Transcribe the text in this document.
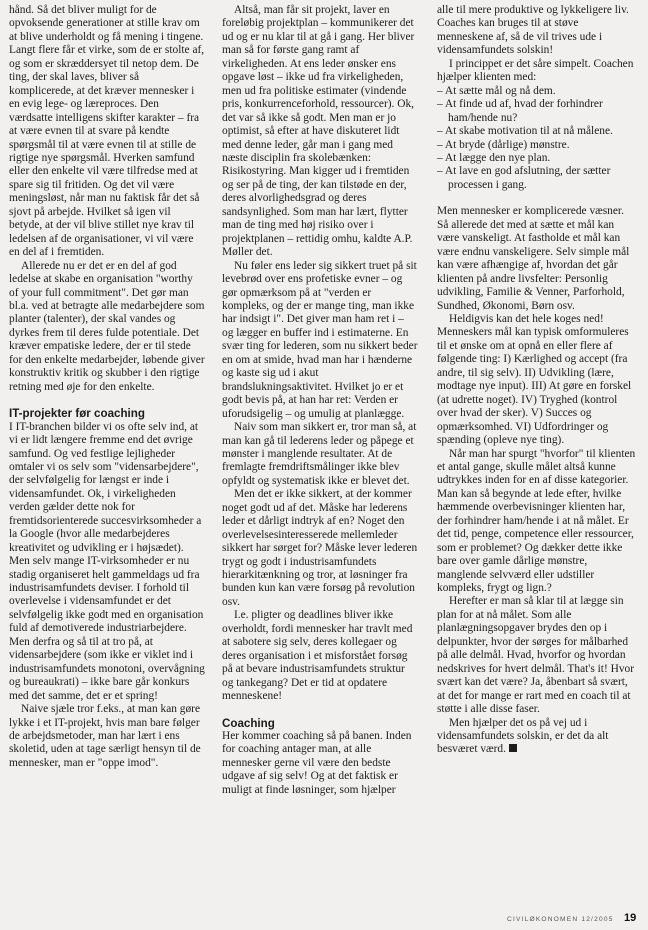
hånd. Så det bliver muligt for de opvoksende generationer at stille krav om at blive underholdt og få mening i tingene. Langt flere får et virke, som de er stolte af, og som er skræddersyet til netop dem. De ting, der skal laves, bliver så komplicerede, at det kræver mennesker i en evig lege- og læreproces. Den værdsatte intelligens skifter karakter – fra at være evnen til at svare på kendte spørgsmål til at være evnen til at stille de rigtige nye spørgsmål. Hverken samfund eller den enkelte vil være tilfredse med at spare sig til fritiden. Og det vil være meningsløst, når man nu faktisk får det så sjovt på arbejde. Hvilket så igen vil betyde, at der vil blive stillet nye krav til ledelsen af de organisationer, vi vil være en del af i fremtiden.

Allerede nu er det er en del af god ledelse at skabe en organisation "worthy of your full commitment". Det gør man bl.a. ved at betragte alle medarbejdere som planter (talenter), der skal vandes og dyrkes frem til deres fulde potentiale. Det kræver empatiske ledere, der er til stede for den enkelte medarbejder, løbende giver konstruktiv kritik og skubber i den rigtige retning med øje for den enkelte.

IT-projekter før coaching

I IT-branchen bilder vi os ofte selv ind, at vi er lidt længere fremme end det øvrige samfund. Og ved festlige lejligheder omtaler vi os selv som "vidensarbejdere", der selvfølgelig for længst er inde i vidensamfundet. Ok, i virkeligheden verden gælder dette nok for fremtidsorienterede succesvirksomheder a la Google (hvor alle medarbejderes kreativitet og udvikling er i højsædet). Men selv mange IT-virksomheder er nu stadig organiseret helt gammeldags ud fra industrisamfundets deviser. I forhold til overlevelse i vidensamfundet er det selvfølgelig ikke godt med en organisation fuld af demotiverede industriarbejdere. Men derfra og så til at tro på, at vidensarbejdere (som ikke er viklet ind i industrisamfundets monotoni, overvågning og bureaukrati) – ikke bare går konkurs med det samme, det er et spring!

Naive sjæle tror f.eks., at man kan gøre lykke i et IT-projekt, hvis man bare følger de arbejdsmetoder, man har lært i ens skoletid, uden at tage særligt hensyn til de mennesker, man er "oppe imod".

Altså, man får sit projekt, laver en foreløbig projektplan – kommunikerer det ud og er nu klar til at gå i gang. Her bliver man så for første gang ramt af virkeligheden. At ens leder ønsker ens opgave løst – ikke ud fra virkeligheden, men ud fra politiske estimater (vindende pris, konkurrenceforhold, ressourcer). Ok, det var så ikke så godt. Men man er jo optimist, så efter at have diskuteret lidt med denne leder, går man i gang med næste disciplin fra skolebænken: Risikostyring. Man kigger ud i fremtiden og ser på de ting, der kan tilstøde en der, deres alvorlighedsgrad og deres sandsynlighed. Som man har lært, flytter man de ting med høj risiko over i projektplanen – rettidig omhu, kaldte A.P. Møller det.

Nu føler ens leder sig sikkert truet på sit levebrød over ens profetiske evner – og gør opmærksom på at "verden er kompleks, og der er mange ting, man ikke har indsigt i". Det giver man ham ret i – og lægger en buffer ind i estimaterne. En svær ting for lederen, som nu sikkert beder en om at smide, hvad man har i hænderne og kaste sig ud i akut brandslukningsaktivitet. Hvilket jo er et godt bevis på, at han har ret: Verden er uforudsigelig – og umulig at planlægge.

Naiv som man sikkert er, tror man så, at man kan gå til lederens leder og påpege et mønster i manglende resultater. At de fremlagte fremdriftsmålinger ikke blev opfyldt og systematisk ikke er blevet det.

Men det er ikke sikkert, at der kommer noget godt ud af det. Måske har lederens leder et dårligt indtryk af en? Noget den overlevelsesinteresserede mellemleder sikkert har sørget for? Måske lever lederen trygt og godt i industrisamfundets hierarkitænkning og tror, at løsninger fra bunden kun kan være forsøg på revolution osv.

I.e. pligter og deadlines bliver ikke overholdt, fordi mennesker har travlt med at sabotere sig selv, deres kollegaer og deres organisation i et misforstået forsøg på at bevare industrisamfundets struktur og tankegang? Det er tid at opdatere menneskene!

Coaching

Her kommer coaching så på banen. Inden for coaching antager man, at alle mennesker gerne vil være den bedste udgave af sig selv! Og at det faktisk er muligt at finde løsninger, som hjælper

alle til mere produktive og lykkeligere liv. Coaches kan bruges til at støve menneskene af, så de vil trives ude i vidensamfundets solskin!

I princippet er det såre simpelt. Coachen hjælper klienten med:

– At sætte mål og nå dem.
– At finde ud af, hvad der forhindrer ham/hende nu?
– At skabe motivation til at nå målene.
– At bryde (dårlige) mønstre.
– At lægge den nye plan.
– At lave en god afslutning, der sætter processen i gang.

Men mennesker er komplicerede væsner. Så allerede det med at sætte et mål kan være vanskeligt. At fastholde et mål kan være endnu vanskeligere. Selv simple mål kan være afhængige af, hvordan det går klienten på andre livsfelter: Personlig udvikling, Familie & Venner, Parforhold, Sundhed, Økonomi, Børn osv.

Heldigvis kan det hele koges ned! Menneskers mål kan typisk omformuleres til et ønske om at opnå en eller flere af følgende ting: I) Kærlighed og accept (fra andre, til sig selv). II) Udvikling (lære, modtage nye input). III) At gøre en forskel (at udrette noget). IV) Tryghed (kontrol over hvad der sker). V) Succes og opmærksomhed. VI) Udfordringer og spænding (opleve nye ting).

Når man har spurgt "hvorfor" til klienten et antal gange, skulle målet altså kunne udtrykkes inden for en af disse kategorier. Man kan så begynde at lede efter, hvilke hæmmende overbevisninger klienten har, der forhindrer ham/hende i at nå målet. Er det tid, penge, competence eller ressourcer, som er problemet? Og dækker dette ikke bare over gamle dårlige mønstre, manglende selvværd eller udstiller kompleks, frygt og lign.?

Herefter er man så klar til at lægge sin plan for at nå målet. Som alle planlægningsopgaver brydes den op i delpunkter, hvor der sørges for målbarhed på alle delmål. Hvad, hvorfor og hvordan nedskrives for hvert delmål. That's it! Hvor svært kan det være? Ja, åbenbart så svært, at det for mange er rart med en coach til at støtte i alle disse faser.

Men hjælper det os på vej ud i vidensamfundets solskin, er det da alt besværet værd.

CIVILØKONOMEN 12/2005 19
